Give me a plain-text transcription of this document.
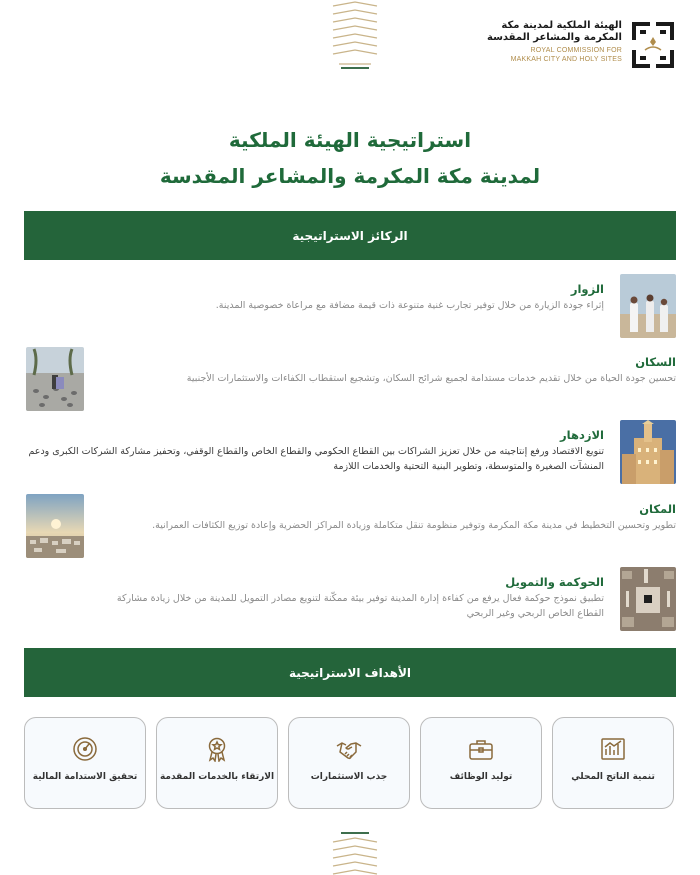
الهيئة الملكية لمدينة مكة
المكرمة والمشاعر المقدسة
ROYAL COMMISSION FOR
MAKKAH CITY AND HOLY SITES
استراتيجية الهيئة الملكية
لمدينة مكة المكرمة والمشاعر المقدسة
الركائز الاستراتيجية
الزوار
إثراء جودة الزيارة من خلال توفير تجارب غنية متنوعة ذات قيمة مضافة مع مراعاة خصوصية المدينة.
السكان
تحسين جودة الحياة من خلال تقديم خدمات مستدامة لجميع شرائح السكان، وتشجيع استقطاب الكفاءات والاستثمارات الأجنبية
الازدهار
تنويع الاقتصاد ورفع إنتاجيته من خلال تعزيز الشراكات بين القطاع الحكومي والقطاع الخاص والقطاع الوقفي، وتحفيز مشاركة الشركات الكبرى ودعم المنشآت الصغيرة والمتوسطة، وتطوير البنية التحتية والخدمات اللازمة
المكان
تطوير وتحسين التخطيط في مدينة مكة المكرمة وتوفير منظومة تنقل متكاملة وزيادة المراكز الحضرية وإعادة توزيع الكثافات العمرانية.
الحوكمة والتمويل
تطبيق نموذج حوكمة فعال يرفع من كفاءة إدارة المدينة توفير بيئة ممكّنة لتنويع مصادر التمويل للمدينة من خلال زيادة مشاركة القطاع الخاص الربحي وغير الربحي
الأهداف الاستراتيجية
تنمية الناتج المحلي
توليد الوظائف
جذب الاستثمارات
الارتقاء بالخدمات المقدمة
تحقيق الاستدامة المالية
